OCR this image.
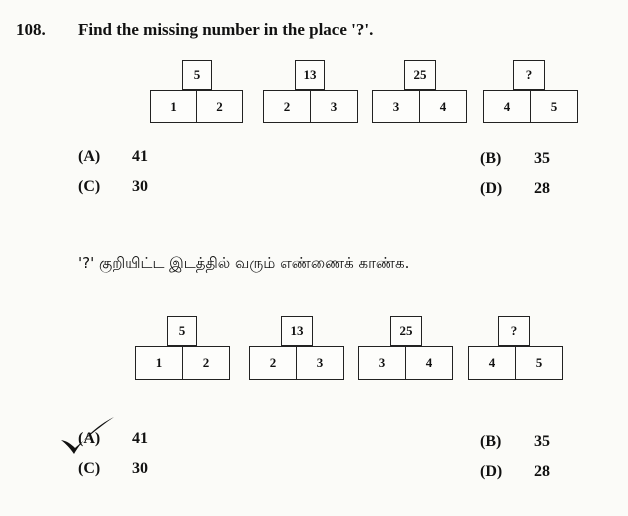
108. Find the missing number in the place '?'.
5
1	2
13
2	3
25
3	4
?
4	5
(A) 41	(B) 35
(C) 30	(D) 28
'?' குறியிட்ட இடத்தில் வரும் எண்ணைக் காண்க.
5
1	2
13
2	3
25
3	4
?
4	5
(A) 41	(B) 35
(C) 30	(D) 28
